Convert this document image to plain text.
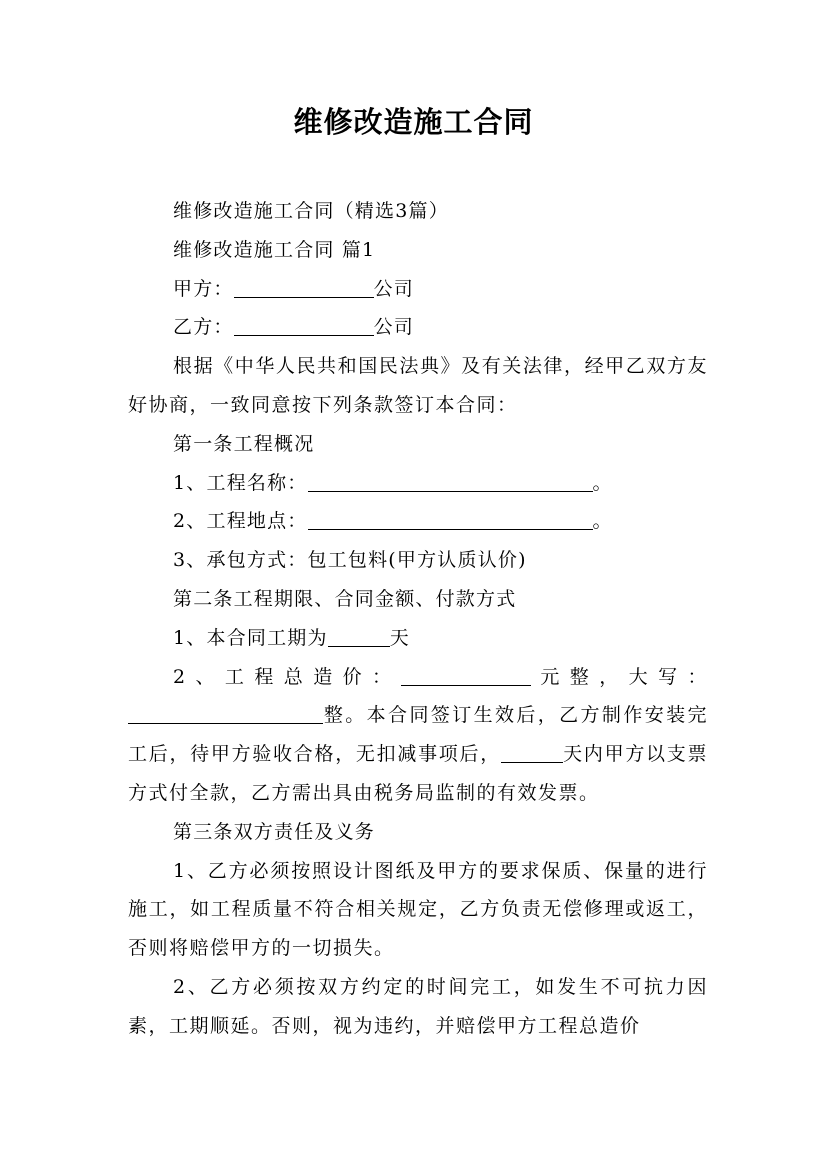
维修改造施工合同

维修改造施工合同（精选3篇）

维修改造施工合同 篇1

甲方：	公司

乙方：	公司

根据《中华人民共和国民法典》及有关法律，经甲乙双方友好协商，一致同意按下列条款签订本合同：

第一条工程概况

1、工程名称：	。

2、工程地点：	。

3、承包方式：包工包料(甲方认质认价)

第二条工程期限、合同金额、付款方式

1、本合同工期为	天

2、工程总造价：	元整，大写：整。本合同签订生效后，乙方制作安装完工后，待甲方验收合格，无扣减事项后，	天内甲方以支票方式付全款，乙方需出具由税务局监制的有效发票。

第三条双方责任及义务

1、乙方必须按照设计图纸及甲方的要求保质、保量的进行施工，如工程质量不符合相关规定，乙方负责无偿修理或返工，否则将赔偿甲方的一切损失。

2、乙方必须按双方约定的时间完工，如发生不可抗力因素，工期顺延。否则，视为违约，并赔偿甲方工程总造价
